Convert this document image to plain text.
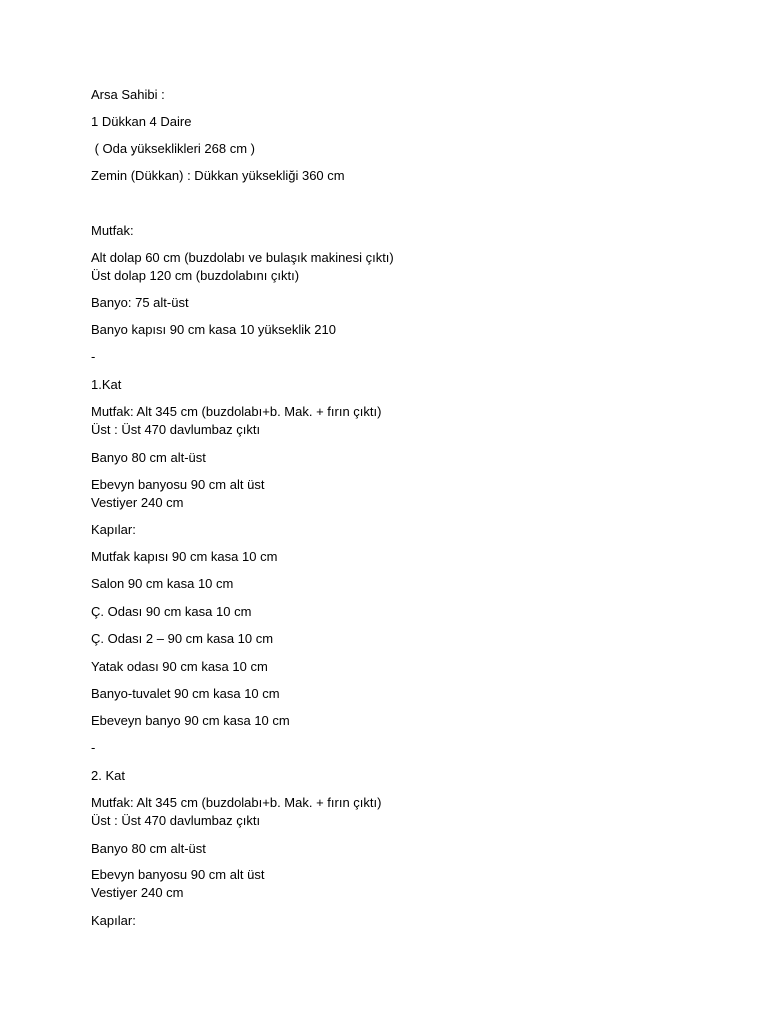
Arsa Sahibi :

1 Dükkan 4 Daire

( Oda yükseklikleri 268 cm )

Zemin (Dükkan) : Dükkan yüksekliği 360 cm

Mutfak:

Alt dolap 60 cm (buzdolabı ve bulaşık makinesi çıktı)

Üst dolap 120 cm (buzdolabını çıktı)

Banyo: 75 alt-üst

Banyo kapısı 90 cm kasa 10 yükseklik 210

-

1.Kat

Mutfak: Alt 345 cm (buzdolabı+b. Mak. + fırın çıktı)

Üst : Üst 470 davlumbaz çıktı

Banyo 80 cm alt-üst

Ebevyn banyosu 90 cm alt üst

Vestiyer 240 cm

Kapılar:

Mutfak kapısı 90 cm kasa 10 cm

Salon 90 cm kasa 10 cm

Ç. Odası 90 cm kasa 10 cm

Ç. Odası 2 – 90 cm kasa 10 cm

Yatak odası 90 cm kasa 10 cm

Banyo-tuvalet 90 cm kasa 10 cm

Ebeveyn banyo 90 cm kasa 10 cm

-

2. Kat

Mutfak: Alt 345 cm (buzdolabı+b. Mak. + fırın çıktı)

Üst : Üst 470 davlumbaz çıktı

Banyo 80 cm alt-üst

Ebevyn banyosu 90 cm alt üst

Vestiyer 240 cm

Kapılar:
